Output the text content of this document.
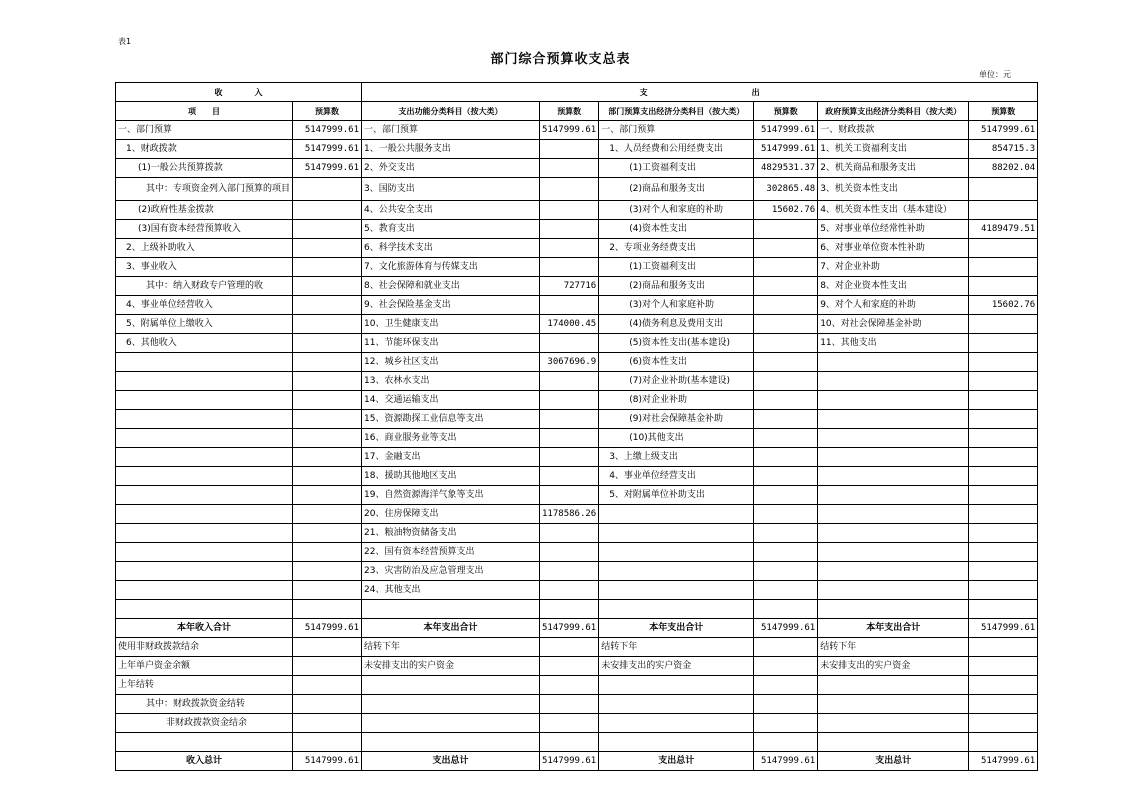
表1
部门综合预算收支总表
单位：元
收　　　　入		支　　　　　　　　　　　　　出					
项　　目	预算数	支出功能分类科目（按大类）	预算数	部门预算支出经济分类科目（按大类）	预算数	政府预算支出经济分类科目（按大类）	预算数
一、部门预算	5147999.61	一、部门预算	5147999.61	一、部门预算	5147999.61	一、财政拨款	5147999.61
1、财政拨款	5147999.61	1、一般公共服务支出		1、人员经费和公用经费支出	5147999.61	1、机关工资福利支出	854715.3
(1)一般公共预算拨款	5147999.61	2、外交支出		(1)工资福利支出	4829531.37	2、机关商品和服务支出	88202.04
其中：专项资金列入部门预算的项目		3、国防支出		(2)商品和服务支出	302865.48	3、机关资本性支出	
(2)政府性基金拨款		4、公共安全支出		(3)对个人和家庭的补助	15602.76	4、机关资本性支出（基本建设）	
(3)国有资本经营预算收入		5、教育支出		(4)资本性支出		5、对事业单位经常性补助	4189479.51
2、上级补助收入		6、科学技术支出		2、专项业务经费支出		6、对事业单位资本性补助	
3、事业收入		7、文化旅游体育与传媒支出		(1)工资福利支出		7、对企业补助	
其中：纳入财政专户管理的收		8、社会保障和就业支出	727716	(2)商品和服务支出		8、对企业资本性支出	
4、事业单位经营收入		9、社会保险基金支出		(3)对个人和家庭补助		9、对个人和家庭的补助	15602.76
5、附属单位上缴收入		10、卫生健康支出	174000.45	(4)债务利息及费用支出		10、对社会保障基金补助	
6、其他收入		11、节能环保支出		(5)资本性支出(基本建设)		11、其他支出	
		12、城乡社区支出	3067696.9	(6)资本性支出			
		13、农林水支出		(7)对企业补助(基本建设)			
		14、交通运输支出		(8)对企业补助			
		15、资源勘探工业信息等支出		(9)对社会保障基金补助			
		16、商业服务业等支出		(10)其他支出			
		17、金融支出		3、上缴上级支出			
		18、援助其他地区支出		4、事业单位经营支出			
		19、自然资源海洋气象等支出		5、对附属单位补助支出			
		20、住房保障支出	1178586.26				
		21、粮油物资储备支出					
		22、国有资本经营预算支出					
		23、灾害防治及应急管理支出					
		24、其他支出					

本年收入合计	5147999.61	本年支出合计	5147999.61	本年支出合计	5147999.61	本年支出合计	5147999.61
使用非财政拨款结余		结转下年		结转下年		结转下年	
上年单户资金余额		未安排支出的实户资金		未安排支出的实户资金		未安排支出的实户资金	
上年结转							
其中：财政拨款资金结转							
非财政拨款资金结余							

收入总计	5147999.61	支出总计	5147999.61	支出总计	5147999.61	支出总计	5147999.61
